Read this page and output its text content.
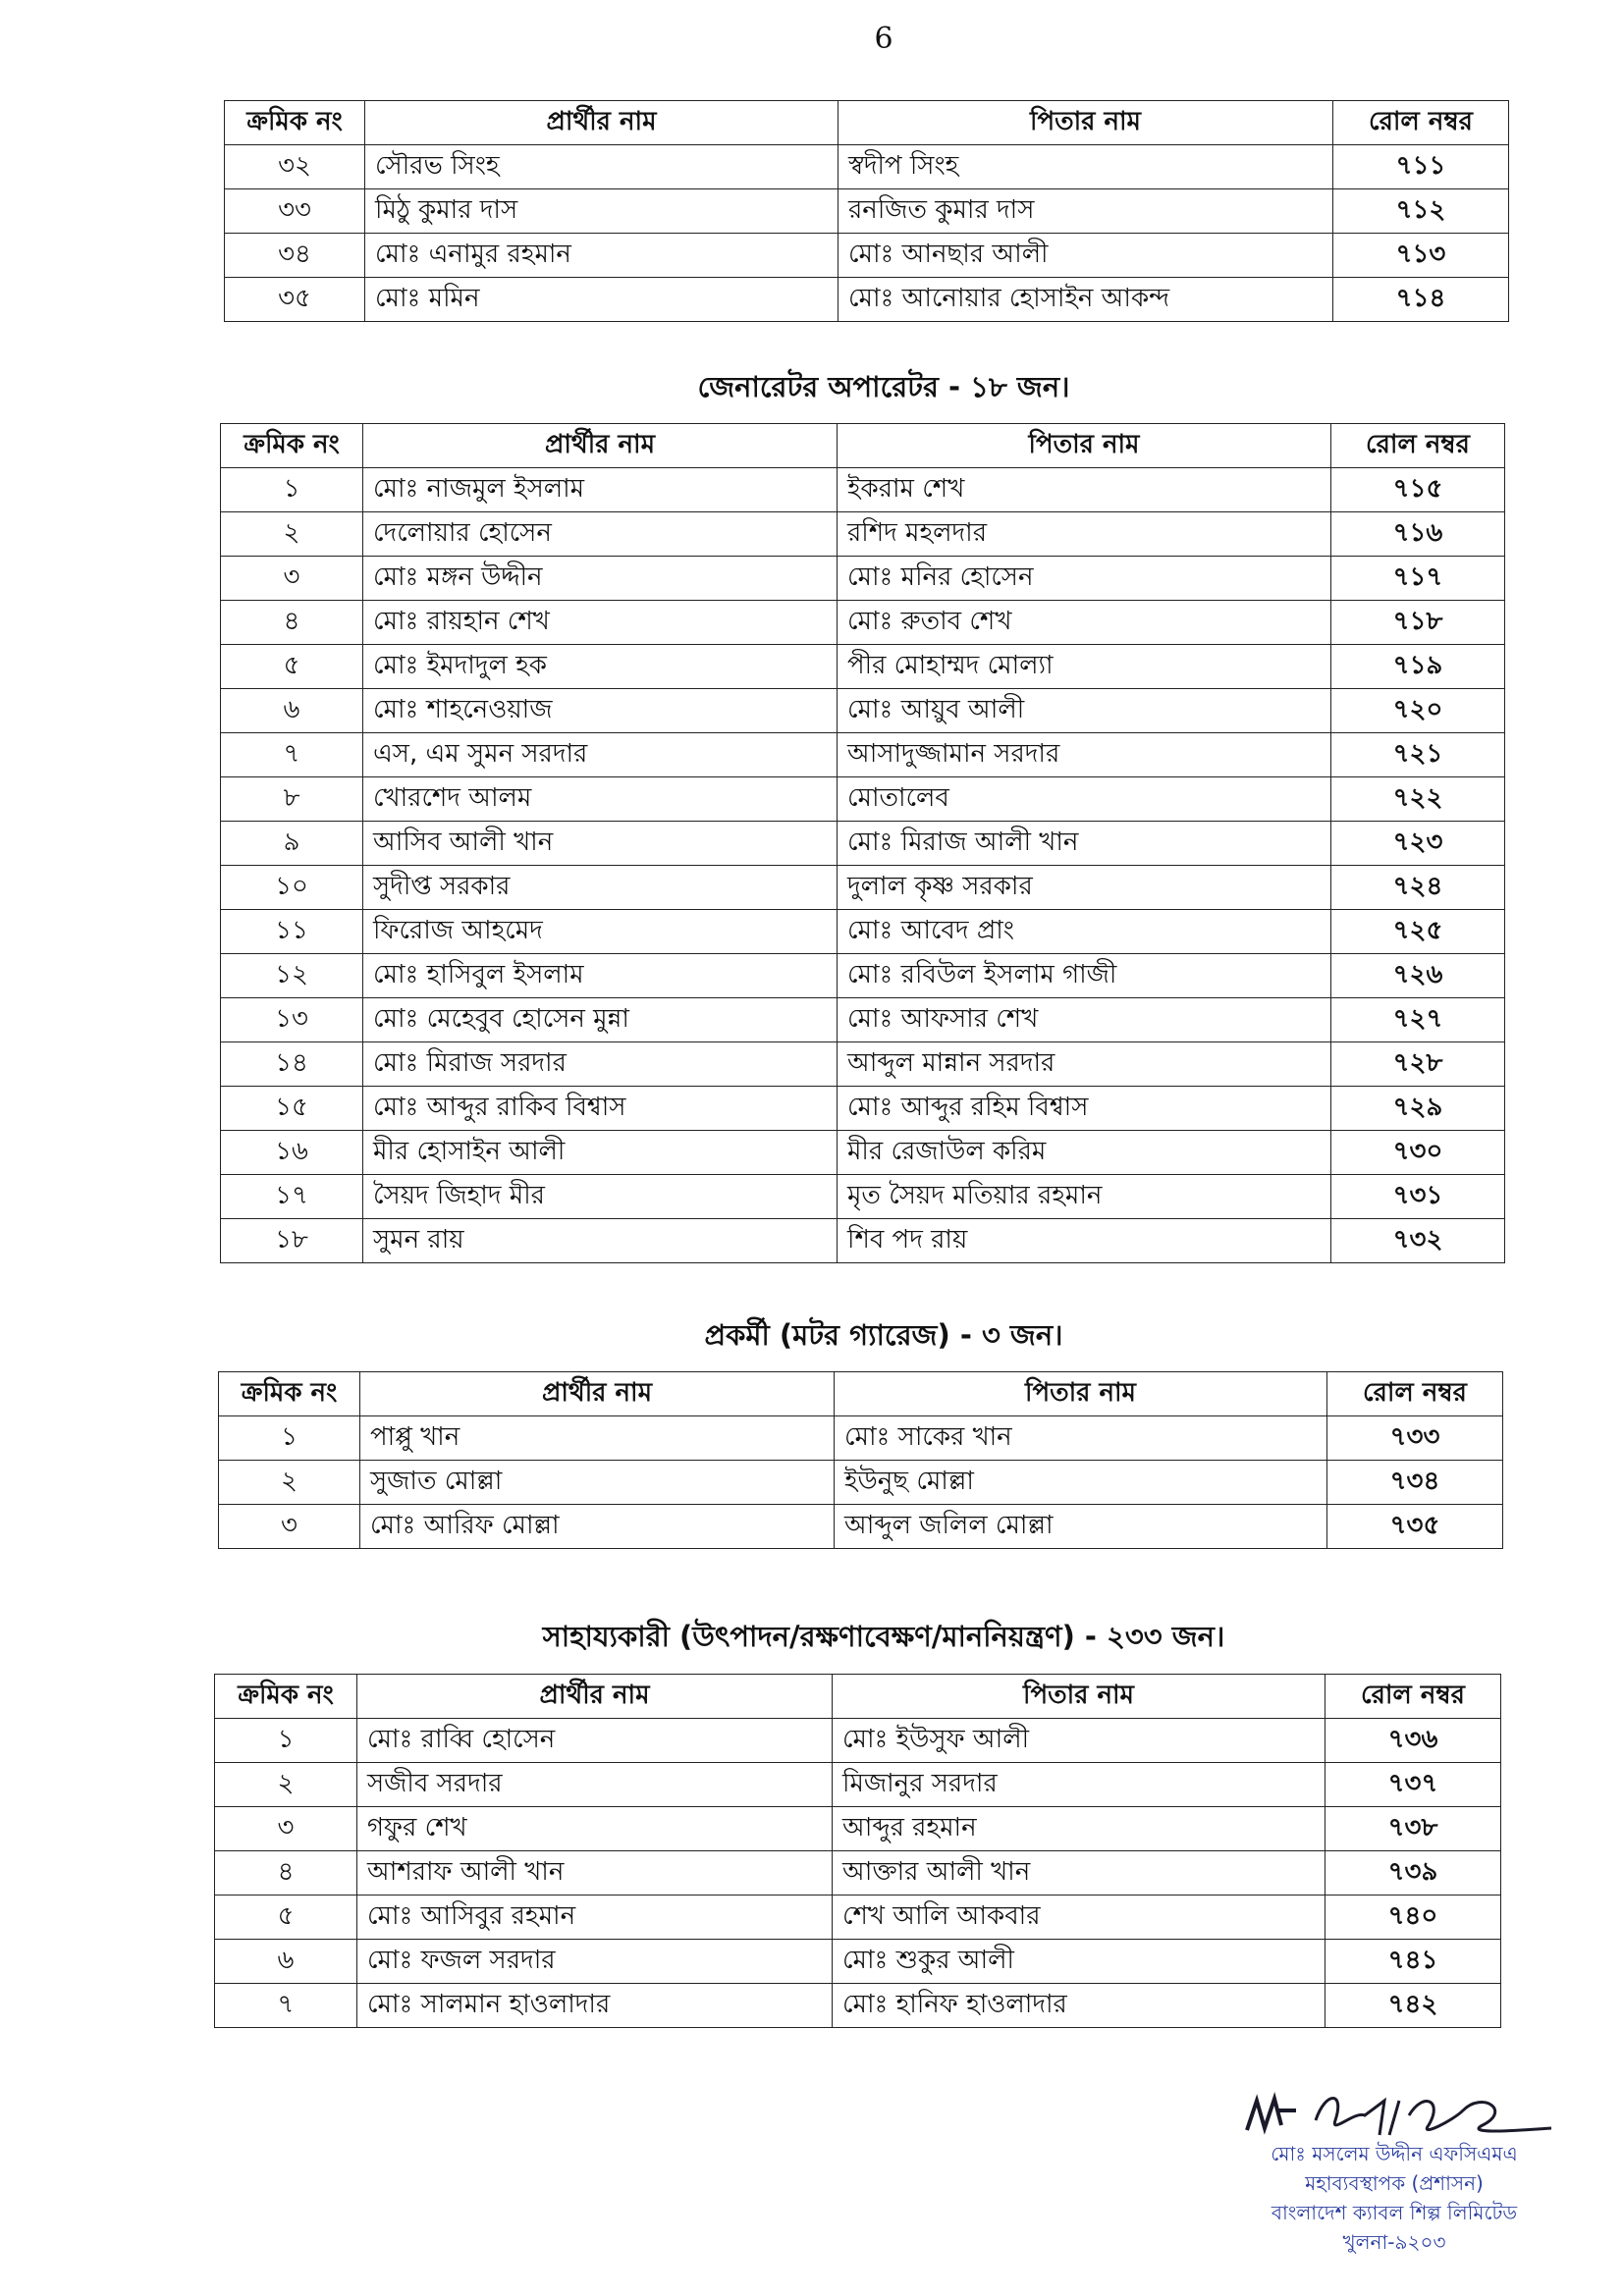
6
ক্রমিক নং	প্রার্থীর নাম	পিতার নাম	রোল নম্বর
৩২	সৌরভ সিংহ	স্বদীপ সিংহ	৭১১
৩৩	মিঠু কুমার দাস	রনজিত কুমার দাস	৭১২
৩৪	মোঃ এনামুর রহমান	মোঃ আনছার আলী	৭১৩
৩৫	মোঃ মমিন	মোঃ আনোয়ার হোসাইন আকন্দ	৭১৪
জেনারেটর অপারেটর - ১৮ জন।
ক্রমিক নং	প্রার্থীর নাম	পিতার নাম	রোল নম্বর
১	মোঃ নাজমুল ইসলাম	ইকরাম শেখ	৭১৫
২	দেলোয়ার হোসেন	রশিদ মহলদার	৭১৬
৩	মোঃ মঙ্গন উদ্দীন	মোঃ মনির হোসেন	৭১৭
৪	মোঃ রায়হান শেখ	মোঃ রুতাব শেখ	৭১৮
৫	মোঃ ইমদাদুল হক	পীর মোহাম্মদ মোল্যা	৭১৯
৬	মোঃ শাহনেওয়াজ	মোঃ আয়ুব আলী	৭২০
৭	এস, এম সুমন সরদার	আসাদুজ্জামান সরদার	৭২১
৮	খোরশেদ আলম	মোতালেব	৭২২
৯	আসিব আলী খান	মোঃ মিরাজ আলী খান	৭২৩
১০	সুদীপ্ত সরকার	দুলাল কৃষ্ণ সরকার	৭২৪
১১	ফিরোজ আহমেদ	মোঃ আবেদ প্রাং	৭২৫
১২	মোঃ হাসিবুল ইসলাম	মোঃ রবিউল ইসলাম গাজী	৭২৬
১৩	মোঃ মেহেবুব হোসেন মুন্না	মোঃ আফসার শেখ	৭২৭
১৪	মোঃ মিরাজ সরদার	আব্দুল মান্নান সরদার	৭২৮
১৫	মোঃ আব্দুর রাকিব বিশ্বাস	মোঃ আব্দুর রহিম বিশ্বাস	৭২৯
১৬	মীর হোসাইন আলী	মীর রেজাউল করিম	৭৩০
১৭	সৈয়দ জিহাদ মীর	মৃত সৈয়দ মতিয়ার রহমান	৭৩১
১৮	সুমন রায়	শিব পদ রায়	৭৩২
প্রকর্মী (মটর গ্যারেজ) - ৩ জন।
ক্রমিক নং	প্রার্থীর নাম	পিতার নাম	রোল নম্বর
১	পাপ্পু খান	মোঃ সাকের খান	৭৩৩
২	সুজাত মোল্লা	ইউনুছ মোল্লা	৭৩৪
৩	মোঃ আরিফ মোল্লা	আব্দুল জলিল মোল্লা	৭৩৫
সাহায্যকারী (উৎপাদন/রক্ষণাবেক্ষণ/মাননিয়ন্ত্রণ) - ২৩৩ জন।
ক্রমিক নং	প্রার্থীর নাম	পিতার নাম	রোল নম্বর
১	মোঃ রাব্বি হোসেন	মোঃ ইউসুফ আলী	৭৩৬
২	সজীব সরদার	মিজানুর সরদার	৭৩৭
৩	গফুর শেখ	আব্দুর রহমান	৭৩৮
৪	আশরাফ আলী খান	আক্তার আলী খান	৭৩৯
৫	মোঃ আসিবুর রহমান	শেখ আলি আকবার	৭৪০
৬	মোঃ ফজল সরদার	মোঃ শুকুর আলী	৭৪১
৭	মোঃ সালমান হাওলাদার	মোঃ হানিফ হাওলাদার	৭৪২
মোঃ মসলেম উদ্দীন এফসিএমএ
মহাব্যবস্থাপক (প্রশাসন)
বাংলাদেশ ক্যাবল শিল্প লিমিটেড
খুলনা-৯২০৩
